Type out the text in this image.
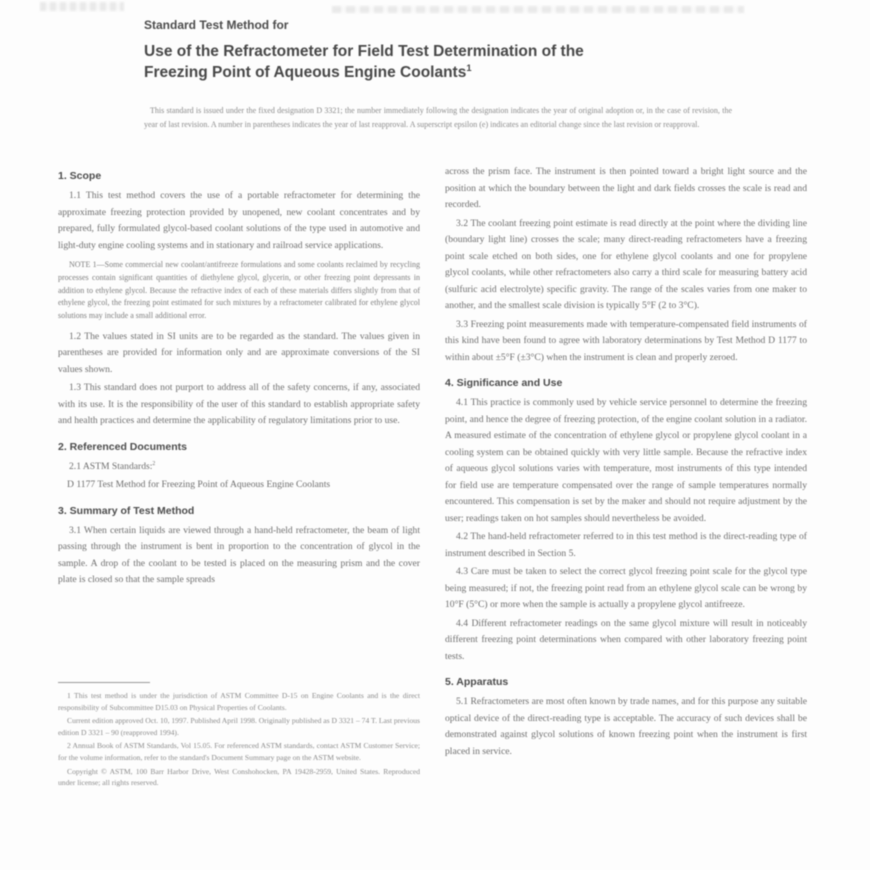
Standard Test Method for
Use of the Refractometer for Field Test Determination of the
Freezing Point of Aqueous Engine Coolants$^1$
This standard is issued under the fixed designation D 3321; the number immediately following the designation indicates the year of original adoption or, in the case of revision, the year of last revision. A number in parentheses indicates the year of last reapproval. A superscript epsilon (e) indicates an editorial change since the last revision or reapproval.
1. Scope
1.1 This test method covers the use of a portable refractometer for determining the approximate freezing protection provided by unopened, new coolant concentrates and by prepared, fully formulated glycol-based coolant solutions of the type used in automotive and light-duty engine cooling systems and in stationary and railroad service applications.
NOTE 1—Some commercial new coolant/antifreeze formulations and some coolants reclaimed by recycling processes contain significant quantities of diethylene glycol, glycerin, or other freezing point depressants in addition to ethylene glycol. Because the refractive index of each of these materials differs slightly from that of ethylene glycol, the freezing point estimated for such mixtures by a refractometer calibrated for ethylene glycol solutions may include a small additional error.
1.2 The values stated in SI units are to be regarded as the standard. The values given in parentheses are provided for information only and are approximate conversions of the SI values shown.
1.3 This standard does not purport to address all of the safety concerns, if any, associated with its use. It is the responsibility of the user of this standard to establish appropriate safety and health practices and determine the applicability of regulatory limitations prior to use.
2. Referenced Documents
2.1 ASTM Standards:$^2$
D 1177 Test Method for Freezing Point of Aqueous Engine Coolants
3. Summary of Test Method
3.1 When certain liquids are viewed through a hand-held refractometer, the beam of light passing through the instrument is bent in proportion to the concentration of glycol in the sample. A drop of the coolant to be tested is placed on the measuring prism and the cover plate is closed so that the sample spreads
across the prism face. The instrument is then pointed toward a bright light source and the position at which the boundary between the light and dark fields crosses the scale is read and recorded.
3.2 The coolant freezing point estimate is read directly at the point where the dividing line (boundary light line) crosses the scale; many direct-reading refractometers have a freezing point scale etched on both sides, one for ethylene glycol coolants and one for propylene glycol coolants, while other refractometers also carry a third scale for measuring battery acid (sulfuric acid electrolyte) specific gravity. The range of the scales varies from one maker to another, and the smallest scale division is typically 5°F (2 to 3°C).
3.3 Freezing point measurements made with temperature-compensated field instruments of this kind have been found to agree with laboratory determinations by Test Method D 1177 to within about ±5°F (±3°C) when the instrument is clean and properly zeroed.
4. Significance and Use
4.1 This practice is commonly used by vehicle service personnel to determine the freezing point, and hence the degree of freezing protection, of the engine coolant solution in a radiator. A measured estimate of the concentration of ethylene glycol or propylene glycol coolant in a cooling system can be obtained quickly with very little sample. Because the refractive index of aqueous glycol solutions varies with temperature, most instruments of this type intended for field use are temperature compensated over the range of sample temperatures normally encountered. This compensation is set by the maker and should not require adjustment by the user; readings taken on hot samples should nevertheless be avoided.
4.2 The hand-held refractometer referred to in this test method is the direct-reading type of instrument described in Section 5.
4.3 Care must be taken to select the correct glycol freezing point scale for the glycol type being measured; if not, the freezing point read from an ethylene glycol scale can be wrong by 10°F (5°C) or more when the sample is actually a propylene glycol antifreeze.
4.4 Different refractometer readings on the same glycol mixture will result in noticeably different freezing point determinations when compared with other laboratory freezing point tests.
5. Apparatus
5.1 Refractometers are most often known by trade names, and for this purpose any suitable optical device of the direct-reading type is acceptable. The accuracy of such devices shall be demonstrated against glycol solutions of known freezing point when the instrument is first placed in service.
1 This test method is under the jurisdiction of ASTM Committee D-15 on Engine Coolants and is the direct responsibility of Subcommittee D15.03 on Physical Properties of Coolants.
Current edition approved Oct. 10, 1997. Published April 1998. Originally published as D 3321 – 74 T. Last previous edition D 3321 – 90 (reapproved 1994).
2 Annual Book of ASTM Standards, Vol 15.05. For referenced ASTM standards, contact ASTM Customer Service; for the volume information, refer to the standard's Document Summary page on the ASTM website.
Copyright © ASTM, 100 Barr Harbor Drive, West Conshohocken, PA 19428-2959, United States. Reproduced under license; all rights reserved.
